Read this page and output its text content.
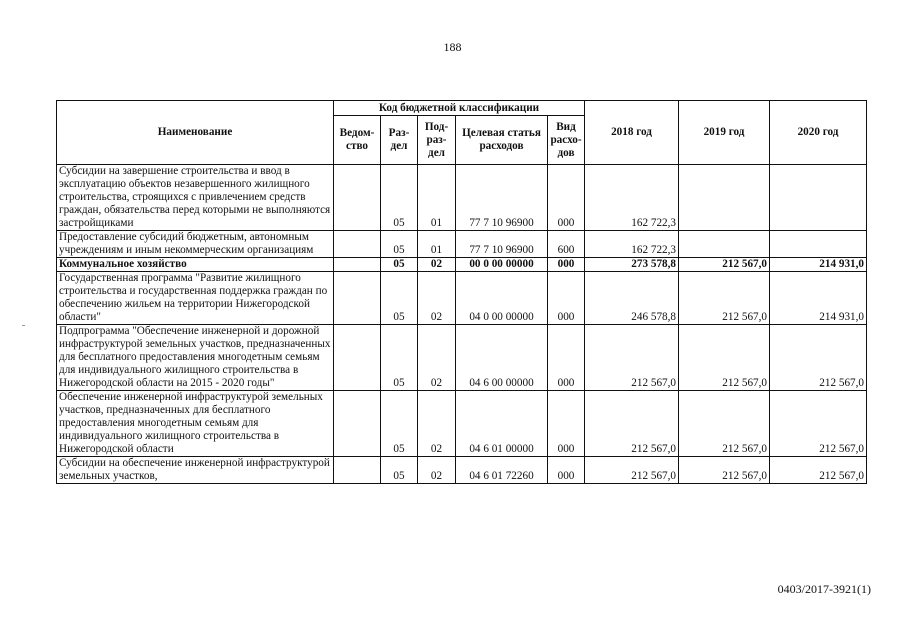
188
Наименование	Код бюджетной классификации					2018 год	2019 год	2020 год
	Ведом-ство	Раз-дел	Под-раз-дел	Целевая статья расходов	Вид расхо-дов			
Субсидии на завершение строительства и ввод в эксплуатацию объектов незавершенного жилищного строительства, строящихся с привлечением средств граждан, обязательства перед которыми не выполняются застройщиками		05	01	77 7 10 96900	000	162 722,3		
Предоставление субсидий бюджетным, автономным учреждениям и иным некоммерческим организациям		05	01	77 7 10 96900	600	162 722,3		
Коммунальное хозяйство		05	02	00 0 00 00000	000	273 578,8	212 567,0	214 931,0
Государственная программа "Развитие жилищного строительства и государственная поддержка граждан по обеспечению жильем на территории Нижегородской области"		05	02	04 0 00 00000	000	246 578,8	212 567,0	214 931,0
Подпрограмма "Обеспечение инженерной и дорожной инфраструктурой земельных участков, предназначенных для бесплатного предоставления многодетным семьям для индивидуального жилищного строительства в Нижегородской области на 2015 - 2020 годы"		05	02	04 6 00 00000	000	212 567,0	212 567,0	212 567,0
Обеспечение инженерной инфраструктурой земельных участков, предназначенных для бесплатного предоставления многодетным семьям для индивидуального жилищного строительства в Нижегородской области		05	02	04 6 01 00000	000	212 567,0	212 567,0	212 567,0
Субсидии на обеспечение инженерной инфраструктурой земельных участков,		05	02	04 6 01 72260	000	212 567,0	212 567,0	212 567,0
0403/2017-3921(1)
